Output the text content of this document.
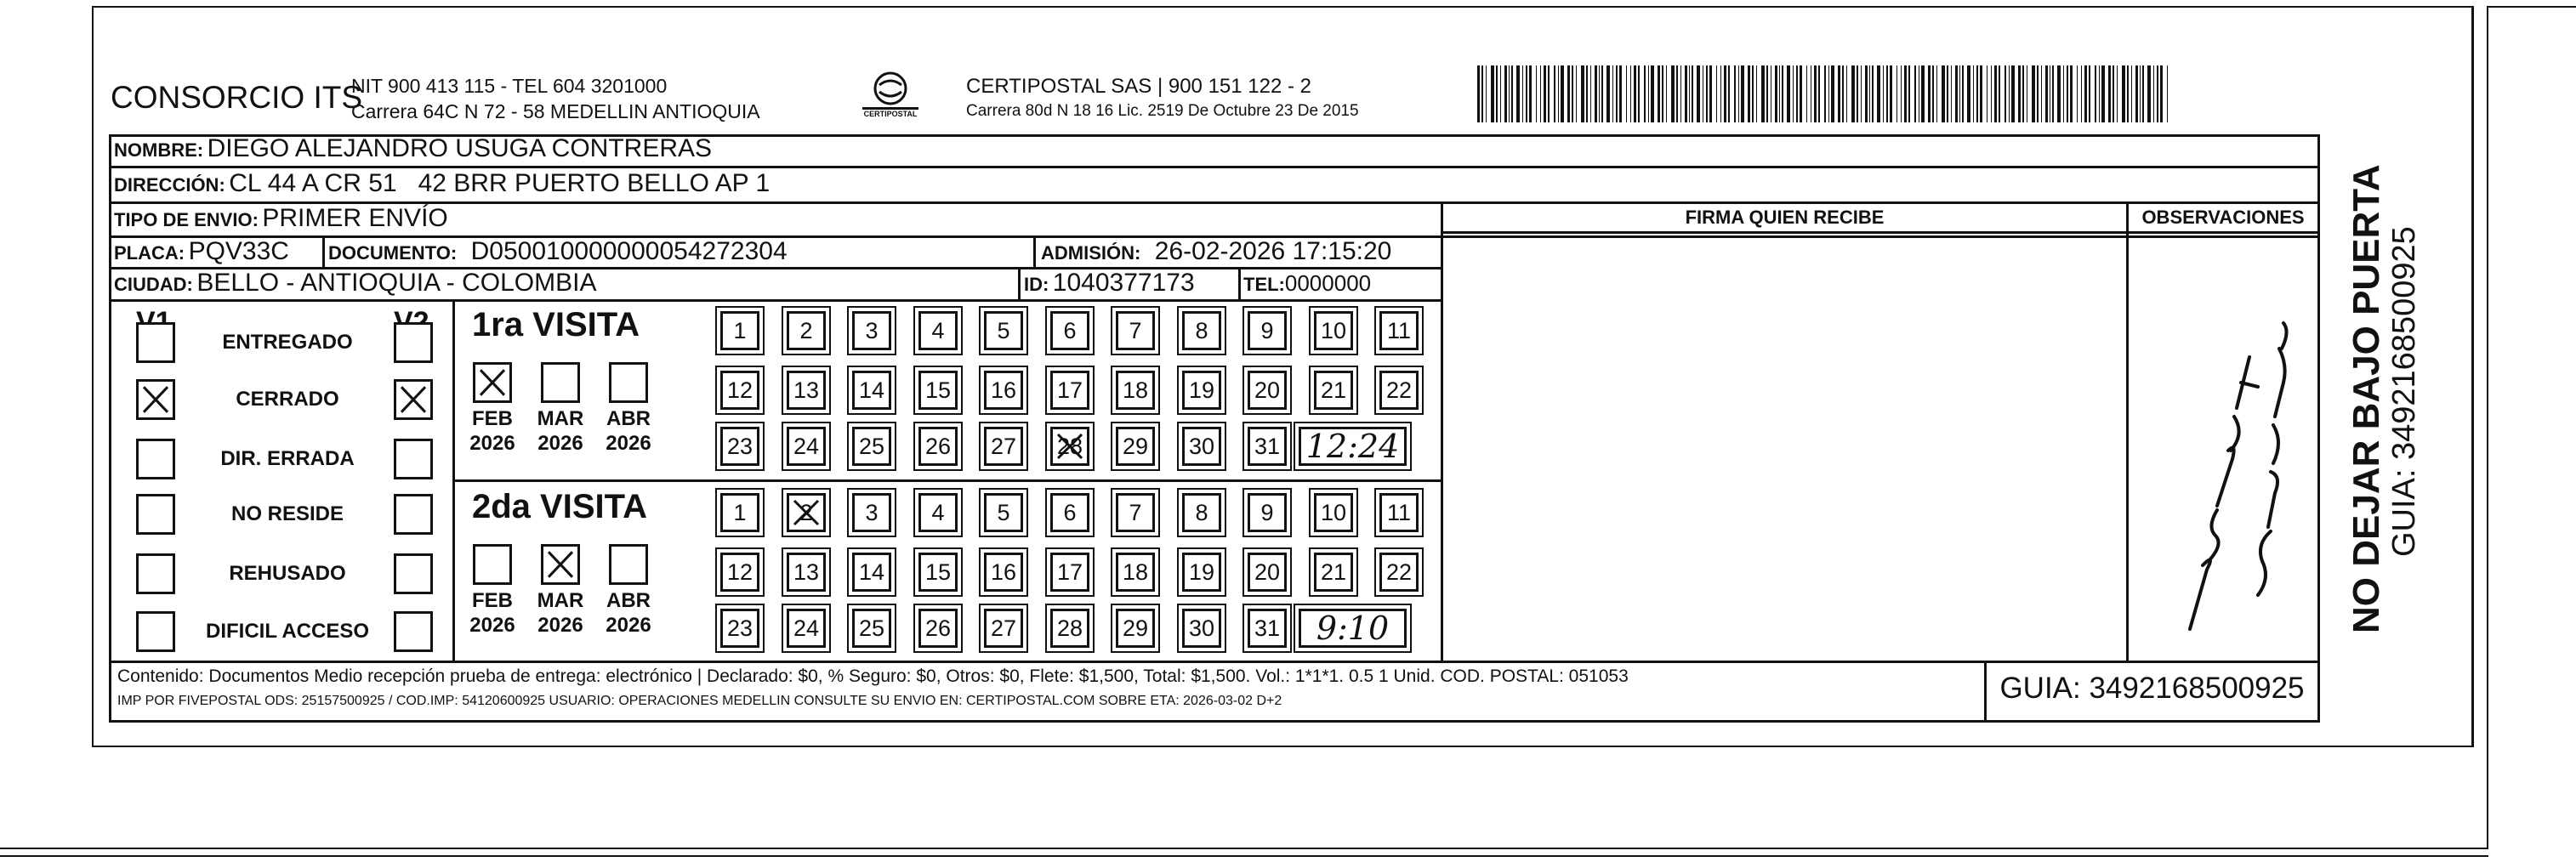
CONSORCIO ITS
NIT 900 413 115 - TEL 604 3201000
Carrera 64C N 72 - 58 MEDELLIN ANTIOQUIA	CERTIPOSTAL
CERTIPOSTAL SAS | 900 151 122 - 2
Carrera 80d N 18 16 Lic. 2519 De Octubre 23 De 2015
NOMBRE: DIEGO ALEJANDRO USUGA CONTRERAS
DIRECCIÓN: CL 44 A CR 51   42 BRR PUERTO BELLO AP 1
TIPO DE ENVIO: PRIMER ENVÍO
PLACA: PQV33C DOCUMENTO: D050010000000054272304	ADMISIÓN: 26-02-2026 17:15:20
CIUDAD: BELLO - ANTIOQUIA - COLOMBIA	ID: 1040377173	TEL:0000000
FIRMA QUIEN RECIBE	OBSERVACIONES
ENTREGADO
CERRADO
DIR. ERRADA
NO RESIDE
REHUSADO
DIFICIL ACCESO
1ra VISITA
FEB
2026
MAR
2026
ABR
2026
1	2	3	4	5	6	7	8	9	10	11
12 13 14 15 16 17 18 19 20 21 22
23 24 25 26 27 28 29 30 31 12:24
2da VISITA
FEB
2026
MAR
2026
ABR
2026
1	2	3	4	5	6	7	8	9	10	11
12 13 14 15 16 17 18 19 20 21 22
23 24 25 26 27 28 29 30 31	9:10
Contenido: Documentos Medio recepción prueba de entrega: electrónico | Declarado: $0, % Seguro: $0, Otros: $0, Flete: $1,500, Total: $1,500. Vol.: 1*1*1. 0.5 1 Unid. COD. POSTAL: 051053
IMP POR FIVEPOSTAL ODS: 25157500925 / COD.IMP: 54120600925 USUARIO: OPERACIONES MEDELLIN CONSULTE SU ENVIO EN: CERTIPOSTAL.COM SOBRE ETA: 2026-03-02 D+2	GUIA: 3492168500925
NO DEJAR BAJO PUERTA GUIA: 3492168500925
